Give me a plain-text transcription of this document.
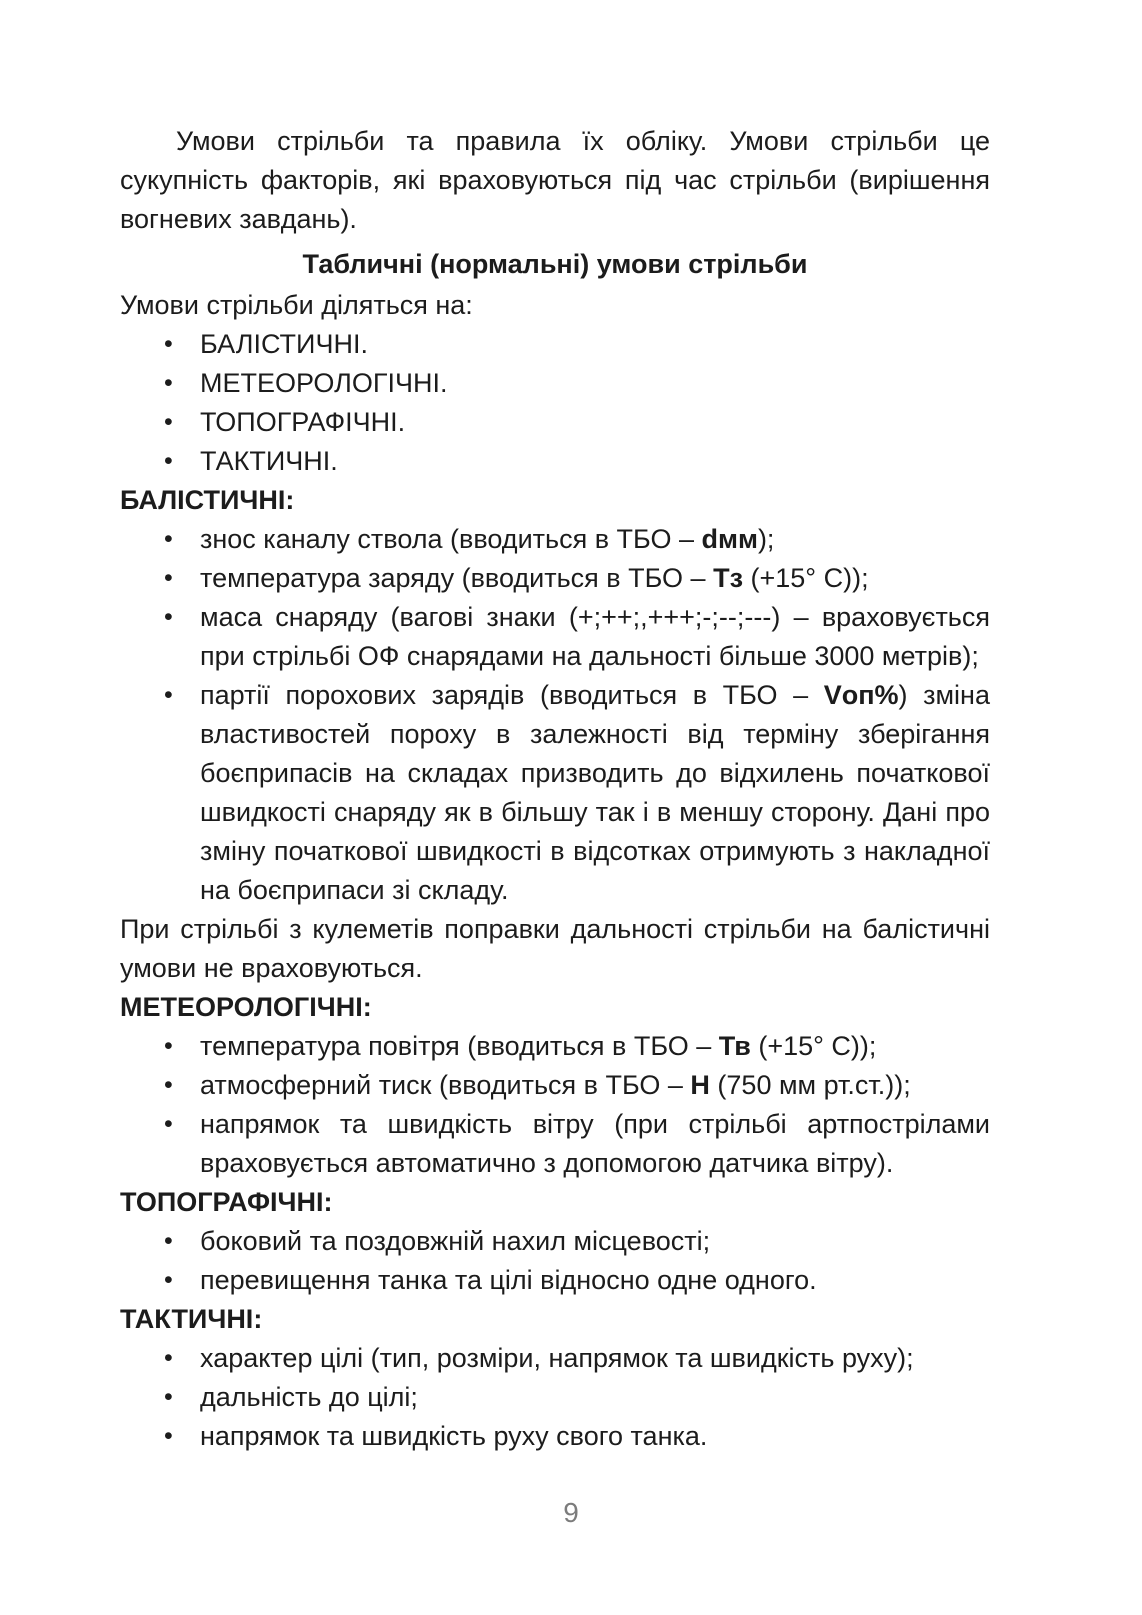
Умови стрільби та правила їх обліку. Умови стрільби це сукупність факторів, які враховуються під час стрільби (вирішення вогневих завдань).
Табличні (нормальні) умови стрільби
Умови стрільби діляться на:
•	БАЛІСТИЧНІ.
•	МЕТЕОРОЛОГІЧНІ.
•	ТОПОГРАФІЧНІ.
•	ТАКТИЧНІ.
БАЛІСТИЧНІ:
•	знос каналу ствола (вводиться в ТБО – dмм);
•	температура заряду (вводиться в ТБО – Тз (+15° С));
•	маса снаряду (вагові знаки (+;++;,+++;-;--;---) – враховується при стрільбі ОФ снарядами на дальності більше 3000 метрів);
•	партії порохових зарядів (вводиться в ТБО – Vоп%) зміна властивостей пороху в залежності від терміну зберігання боєприпасів на складах призводить до відхилень початкової швидкості снаряду як в більшу так і в меншу сторону. Дані про зміну початкової швидкості в відсотках отримують з накладної на боєприпаси зі складу.
При стрільбі з кулеметів поправки дальності стрільби на балістичні умови не враховуються.
МЕТЕОРОЛОГІЧНІ:
•	температура повітря (вводиться в ТБО – Тв (+15° С));
•	атмосферний тиск (вводиться в ТБО – Н (750 мм рт.ст.));
•	напрямок та швидкість вітру (при стрільбі артпострілами враховується автоматично з допомогою датчика вітру).
ТОПОГРАФІЧНІ:
•	боковий та поздовжній нахил місцевості;
•	перевищення танка та цілі відносно одне одного.
ТАКТИЧНІ:
•	характер цілі (тип, розміри, напрямок та швидкість руху);
•	дальність до цілі;
•	напрямок та швидкість руху свого танка.
9
